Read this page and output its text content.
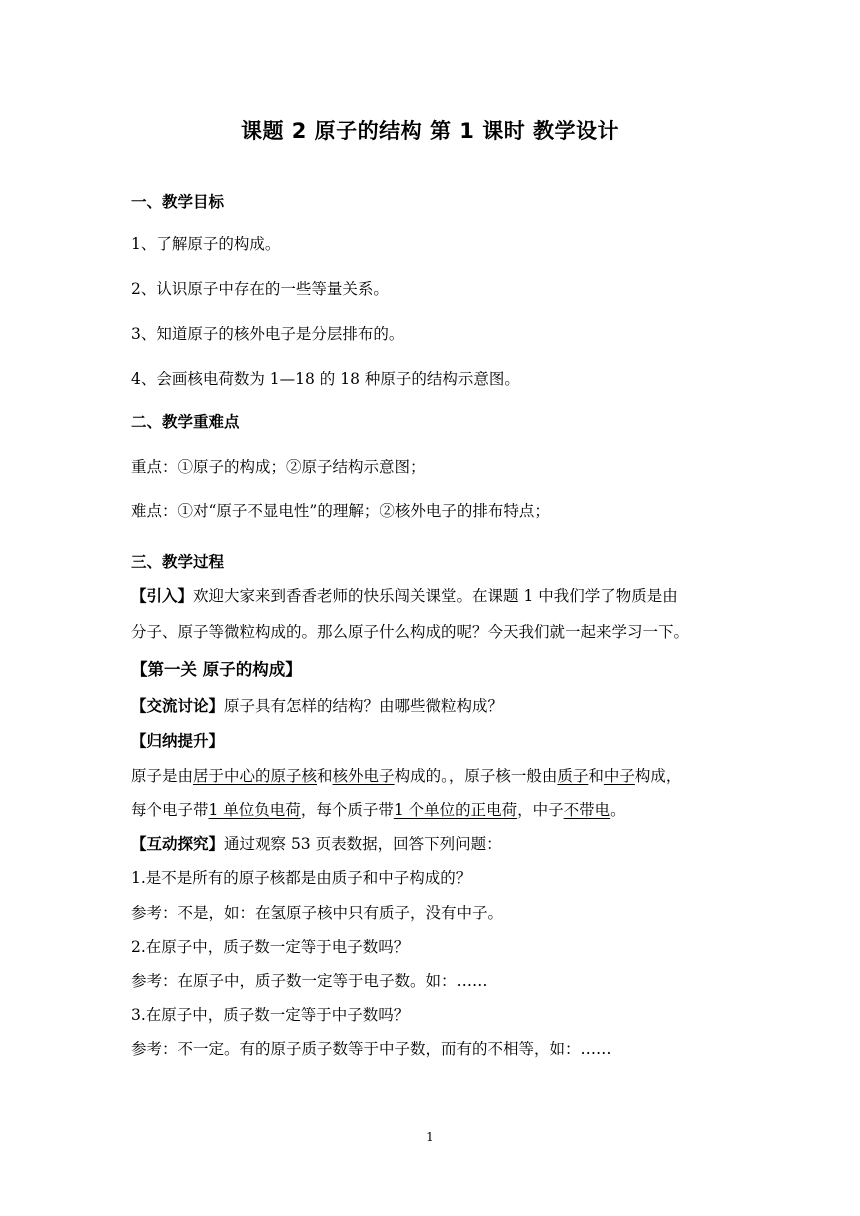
课题 2 原子的结构 第 1 课时 教学设计
一、教学目标
1、了解原子的构成。
2、认识原子中存在的一些等量关系。
3、知道原子的核外电子是分层排布的。
4、会画核电荷数为 1—18 的 18 种原子的结构示意图。
二、教学重难点
重点：①原子的构成；②原子结构示意图；
难点：①对“原子不显电性”的理解；②核外电子的排布特点；
三、教学过程
【引入】欢迎大家来到香香老师的快乐闯关课堂。在课题 1 中我们学了物质是由
分子、原子等微粒构成的。那么原子什么构成的呢？今天我们就一起来学习一下。
【第一关 原子的构成】
【交流讨论】原子具有怎样的结构？由哪些微粒构成？
【归纳提升】
原子是由居于中心的原子核和核外电子构成的。，原子核一般由质子和中子构成，
每个电子带1 单位负电荷，每个质子带1 个单位的正电荷，中子不带电。
【互动探究】通过观察 53 页表数据，回答下列问题：
1.是不是所有的原子核都是由质子和中子构成的？
参考：不是，如：在氢原子核中只有质子，没有中子。
2.在原子中，质子数一定等于电子数吗？
参考：在原子中，质子数一定等于电子数。如：……
3.在原子中，质子数一定等于中子数吗？
参考：不一定。有的原子质子数等于中子数，而有的不相等，如：……
1
